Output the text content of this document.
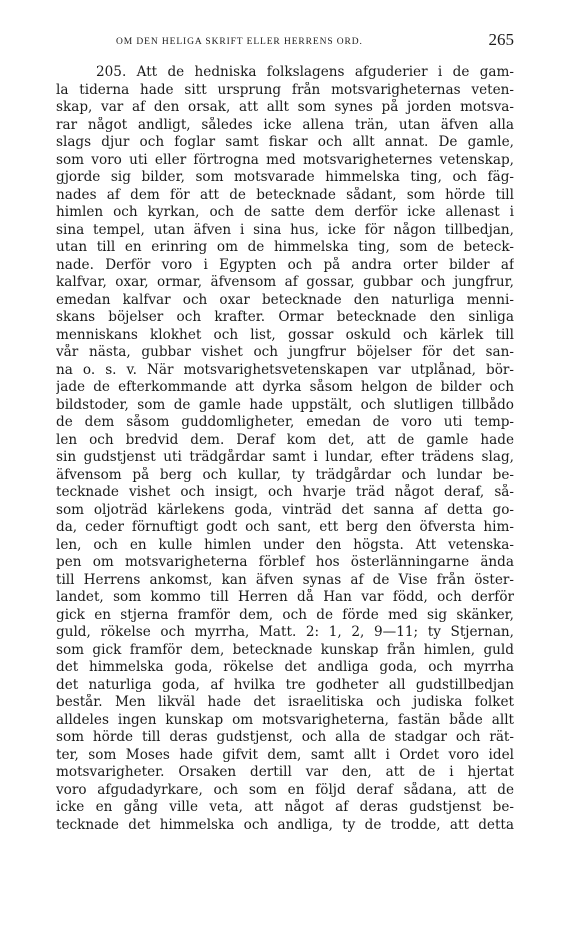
OM DEN HELIGA SKRIFT ELLER HERRENS ORD.	265
205. Att de hedniska folkslagens afguderier i de gam-
la tiderna hade sitt ursprung från motsvarigheternas veten-
skap, var af den orsak, att allt som synes på jorden motsva-
rar något andligt, således icke allena trän, utan äfven alla
slags djur och foglar samt fiskar och allt annat. De gamle,
som voro uti eller förtrogna med motsvarigheternes vetenskap,
gjorde sig bilder, som motsvarade himmelska ting, och fäg-
nades af dem för att de betecknade sådant, som hörde till
himlen och kyrkan, och de satte dem derför icke allenast i
sina tempel, utan äfven i sina hus, icke för någon tillbedjan,
utan till en erinring om de himmelska ting, som de beteck-
nade. Derför voro i Egypten och på andra orter bilder af
kalfvar, oxar, ormar, äfvensom af gossar, gubbar och jungfrur,
emedan kalfvar och oxar betecknade den naturliga menni-
skans böjelser och krafter. Ormar betecknade den sinliga
menniskans klokhet och list, gossar oskuld och kärlek till
vår nästa, gubbar vishet och jungfrur böjelser för det san-
na o. s. v. När motsvarighetsvetenskapen var utplånad, bör-
jade de efterkommande att dyrka såsom helgon de bilder och
bildstoder, som de gamle hade uppstält, och slutligen tillbådo
de dem såsom guddomligheter, emedan de voro uti temp-
len och bredvid dem. Deraf kom det, att de gamle hade
sin gudstjenst uti trädgårdar samt i lundar, efter trädens slag,
äfvensom på berg och kullar, ty trädgårdar och lundar be-
tecknade vishet och insigt, och hvarje träd något deraf, så-
som oljoträd kärlekens goda, vinträd det sanna af detta go-
da, ceder förnuftigt godt och sant, ett berg den öfversta him-
len, och en kulle himlen under den högsta. Att vetenska-
pen om motsvarigheterna förblef hos österlänningarne ända
till Herrens ankomst, kan äfven synas af de Vise från öster-
landet, som kommo till Herren då Han var född, och derför
gick en stjerna framför dem, och de förde med sig skänker,
guld, rökelse och myrrha, Matt. 2: 1, 2, 9—11; ty Stjernan,
som gick framför dem, betecknade kunskap från himlen, guld
det himmelska goda, rökelse det andliga goda, och myrrha
det naturliga goda, af hvilka tre godheter all gudstillbedjan
består. Men likväl hade det israelitiska och judiska folket
alldeles ingen kunskap om motsvarigheterna, fastän både allt
som hörde till deras gudstjenst, och alla de stadgar och rät-
ter, som Moses hade gifvit dem, samt allt i Ordet voro idel
motsvarigheter. Orsaken dertill var den, att de i hjertat
voro afgudadyrkare, och som en följd deraf sådana, att de
icke en gång ville veta, att något af deras gudstjenst be-
tecknade det himmelska och andliga, ty de trodde, att detta
